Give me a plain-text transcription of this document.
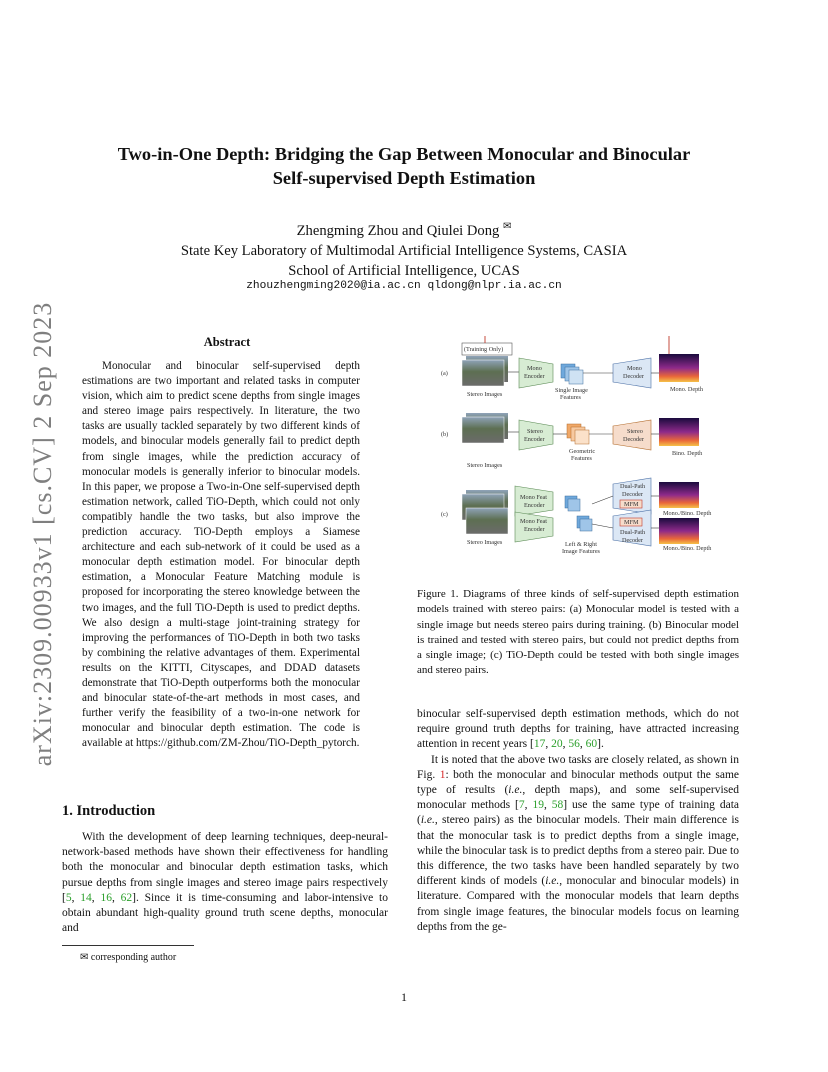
arXiv:2309.00933v1 [cs.CV] 2 Sep 2023
Two-in-One Depth: Bridging the Gap Between Monocular and Binocular
Self-supervised Depth Estimation
Zhengming Zhou and Qiulei Dong ✉
State Key Laboratory of Multimodal Artificial Intelligence Systems, CASIA
School of Artificial Intelligence, UCAS
zhouzhengming2020@ia.ac.cn qldong@nlpr.ia.ac.cn
Abstract
Monocular and binocular self-supervised depth estimations are two important and related tasks in computer vision, which aim to predict scene depths from single images and stereo image pairs respectively. In literature, the two tasks are usually tackled separately by two different kinds of models, and binocular models generally fail to predict depth from single images, while the prediction accuracy of monocular models is generally inferior to binocular models. In this paper, we propose a Two-in-One self-supervised depth estimation network, called TiO-Depth, which could not only compatibly handle the two tasks, but also improve the prediction accuracy. TiO-Depth employs a Siamese architecture and each sub-network of it could be used as a monocular depth estimation model. For binocular depth estimation, a Monocular Feature Matching module is proposed for incorporating the stereo knowledge between the two images, and the full TiO-Depth is used to predict depths. We also design a multi-stage joint-training strategy for improving the performances of TiO-Depth in both two tasks by combining the relative advantages of them. Experimental results on the KITTI, Cityscapes, and DDAD datasets demonstrate that TiO-Depth outperforms both the monocular and binocular state-of-the-art methods in most cases, and further verify the feasibility of a two-in-one network for monocular and binocular depth estimation. The code is available at https://github.com/ZM-Zhou/TiO-Depth_pytorch.
1. Introduction
With the development of deep learning techniques, deep-neural-network-based methods have shown their effectiveness for handling both the monocular and binocular depth estimation tasks, which pursue depths from single images and stereo image pairs respectively [5, 14, 16, 62]. Since it is time-consuming and labor-intensive to obtain abundant high-quality ground truth scene depths, monocular and
✉ corresponding author
(a)
(Training Only)
Stereo Images
Mono
Encoder
Single Image
Features
Mono
Decoder
Mono. Depth
(b)
Stereo Images
Stereo
Encoder
Geometric
Features
Stereo
Decoder
Bino. Depth
(c)
Stereo Images
Mono Feat
Encoder
Mono Feat
Encoder
Left & Right
Image Features
Dual-Path
Decoder
MFM
MFM
Dual-Path
Decoder
Mono./Bino. Depth
Mono./Bino. Depth
Figure 1. Diagrams of three kinds of self-supervised depth estimation models trained with stereo pairs: (a) Monocular model is tested with a single image but needs stereo pairs during training. (b) Binocular model is trained and tested with stereo pairs, but could not predict depths from a single image; (c) TiO-Depth could be tested with both single images and stereo pairs.

binocular self-supervised depth estimation methods, which do not require ground truth depths for training, have attracted increasing attention in recent years [17, 20, 56, 60].

It is noted that the above two tasks are closely related, as shown in Fig. 1: both the monocular and binocular methods output the same type of results (i.e., depth maps), and some self-supervised monocular methods [7, 19, 58] use the same type of training data (i.e., stereo pairs) as the binocular models. Their main difference is that the monocular task is to predict depths from a single image, while the binocular task is to predict depths from a stereo pair. Due to this difference, the two tasks have been handled separately by two different kinds of models (i.e., monocular and binocular models) in literature. Compared with the monocular models that learn depths from single image features, the binocular models focus on learning depths from the ge-

1
